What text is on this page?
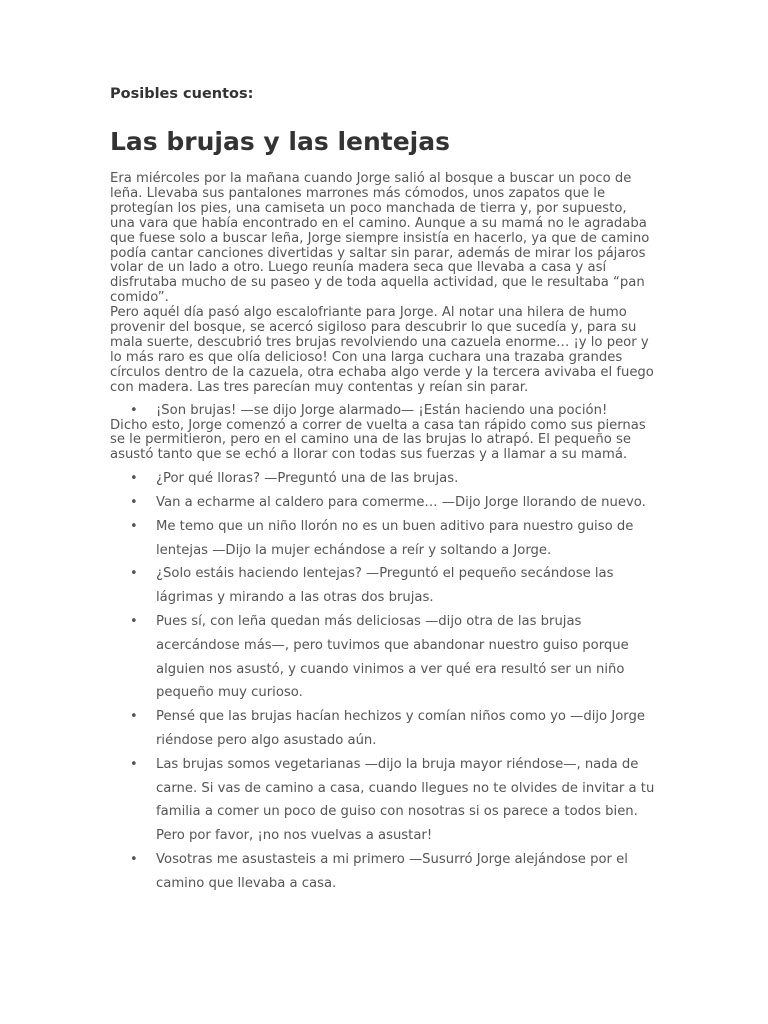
Posibles cuentos:
Las brujas y las lentejas

Era miércoles por la mañana cuando Jorge salió al bosque a buscar un poco de leña. Llevaba sus pantalones marrones más cómodos, unos zapatos que le protegían los pies, una camiseta un poco manchada de tierra y, por supuesto, una vara que había encontrado en el camino. Aunque a su mamá no le agradaba que fuese solo a buscar leña, Jorge siempre insistía en hacerlo, ya que de camino podía cantar canciones divertidas y saltar sin parar, además de mirar los pájaros volar de un lado a otro. Luego reunía madera seca que llevaba a casa y así disfrutaba mucho de su paseo y de toda aquella actividad, que le resultaba “pan comido”.

Pero aquél día pasó algo escalofriante para Jorge. Al notar una hilera de humo provenir del bosque, se acercó sigiloso para descubrir lo que sucedía y, para su mala suerte, descubrió tres brujas revolviendo una cazuela enorme… ¡y lo peor y lo más raro es que olía delicioso! Con una larga cuchara una trazaba grandes círculos dentro de la cazuela, otra echaba algo verde y la tercera avivaba el fuego con madera. Las tres parecían muy contentas y reían sin parar.

• ¡Son brujas! —se dijo Jorge alarmado— ¡Están haciendo una poción!

Dicho esto, Jorge comenzó a correr de vuelta a casa tan rápido como sus piernas se le permitieron, pero en el camino una de las brujas lo atrapó. El pequeño se asustó tanto que se echó a llorar con todas sus fuerzas y a llamar a su mamá.

• ¿Por qué lloras? —Preguntó una de las brujas.
• Van a echarme al caldero para comerme… —Dijo Jorge llorando de nuevo.
• Me temo que un niño llorón no es un buen aditivo para nuestro guiso de lentejas —Dijo la mujer echándose a reír y soltando a Jorge.
• ¿Solo estáis haciendo lentejas? —Preguntó el pequeño secándose las lágrimas y mirando a las otras dos brujas.
• Pues sí, con leña quedan más deliciosas —dijo otra de las brujas acercándose más—, pero tuvimos que abandonar nuestro guiso porque alguien nos asustó, y cuando vinimos a ver qué era resultó ser un niño pequeño muy curioso.
• Pensé que las brujas hacían hechizos y comían niños como yo —dijo Jorge riéndose pero algo asustado aún.
• Las brujas somos vegetarianas —dijo la bruja mayor riéndose—, nada de carne. Si vas de camino a casa, cuando llegues no te olvides de invitar a tu familia a comer un poco de guiso con nosotras si os parece a todos bien. Pero por favor, ¡no nos vuelvas a asustar!
• Vosotras me asustasteis a mi primero —Susurró Jorge alejándose por el camino que llevaba a casa.
